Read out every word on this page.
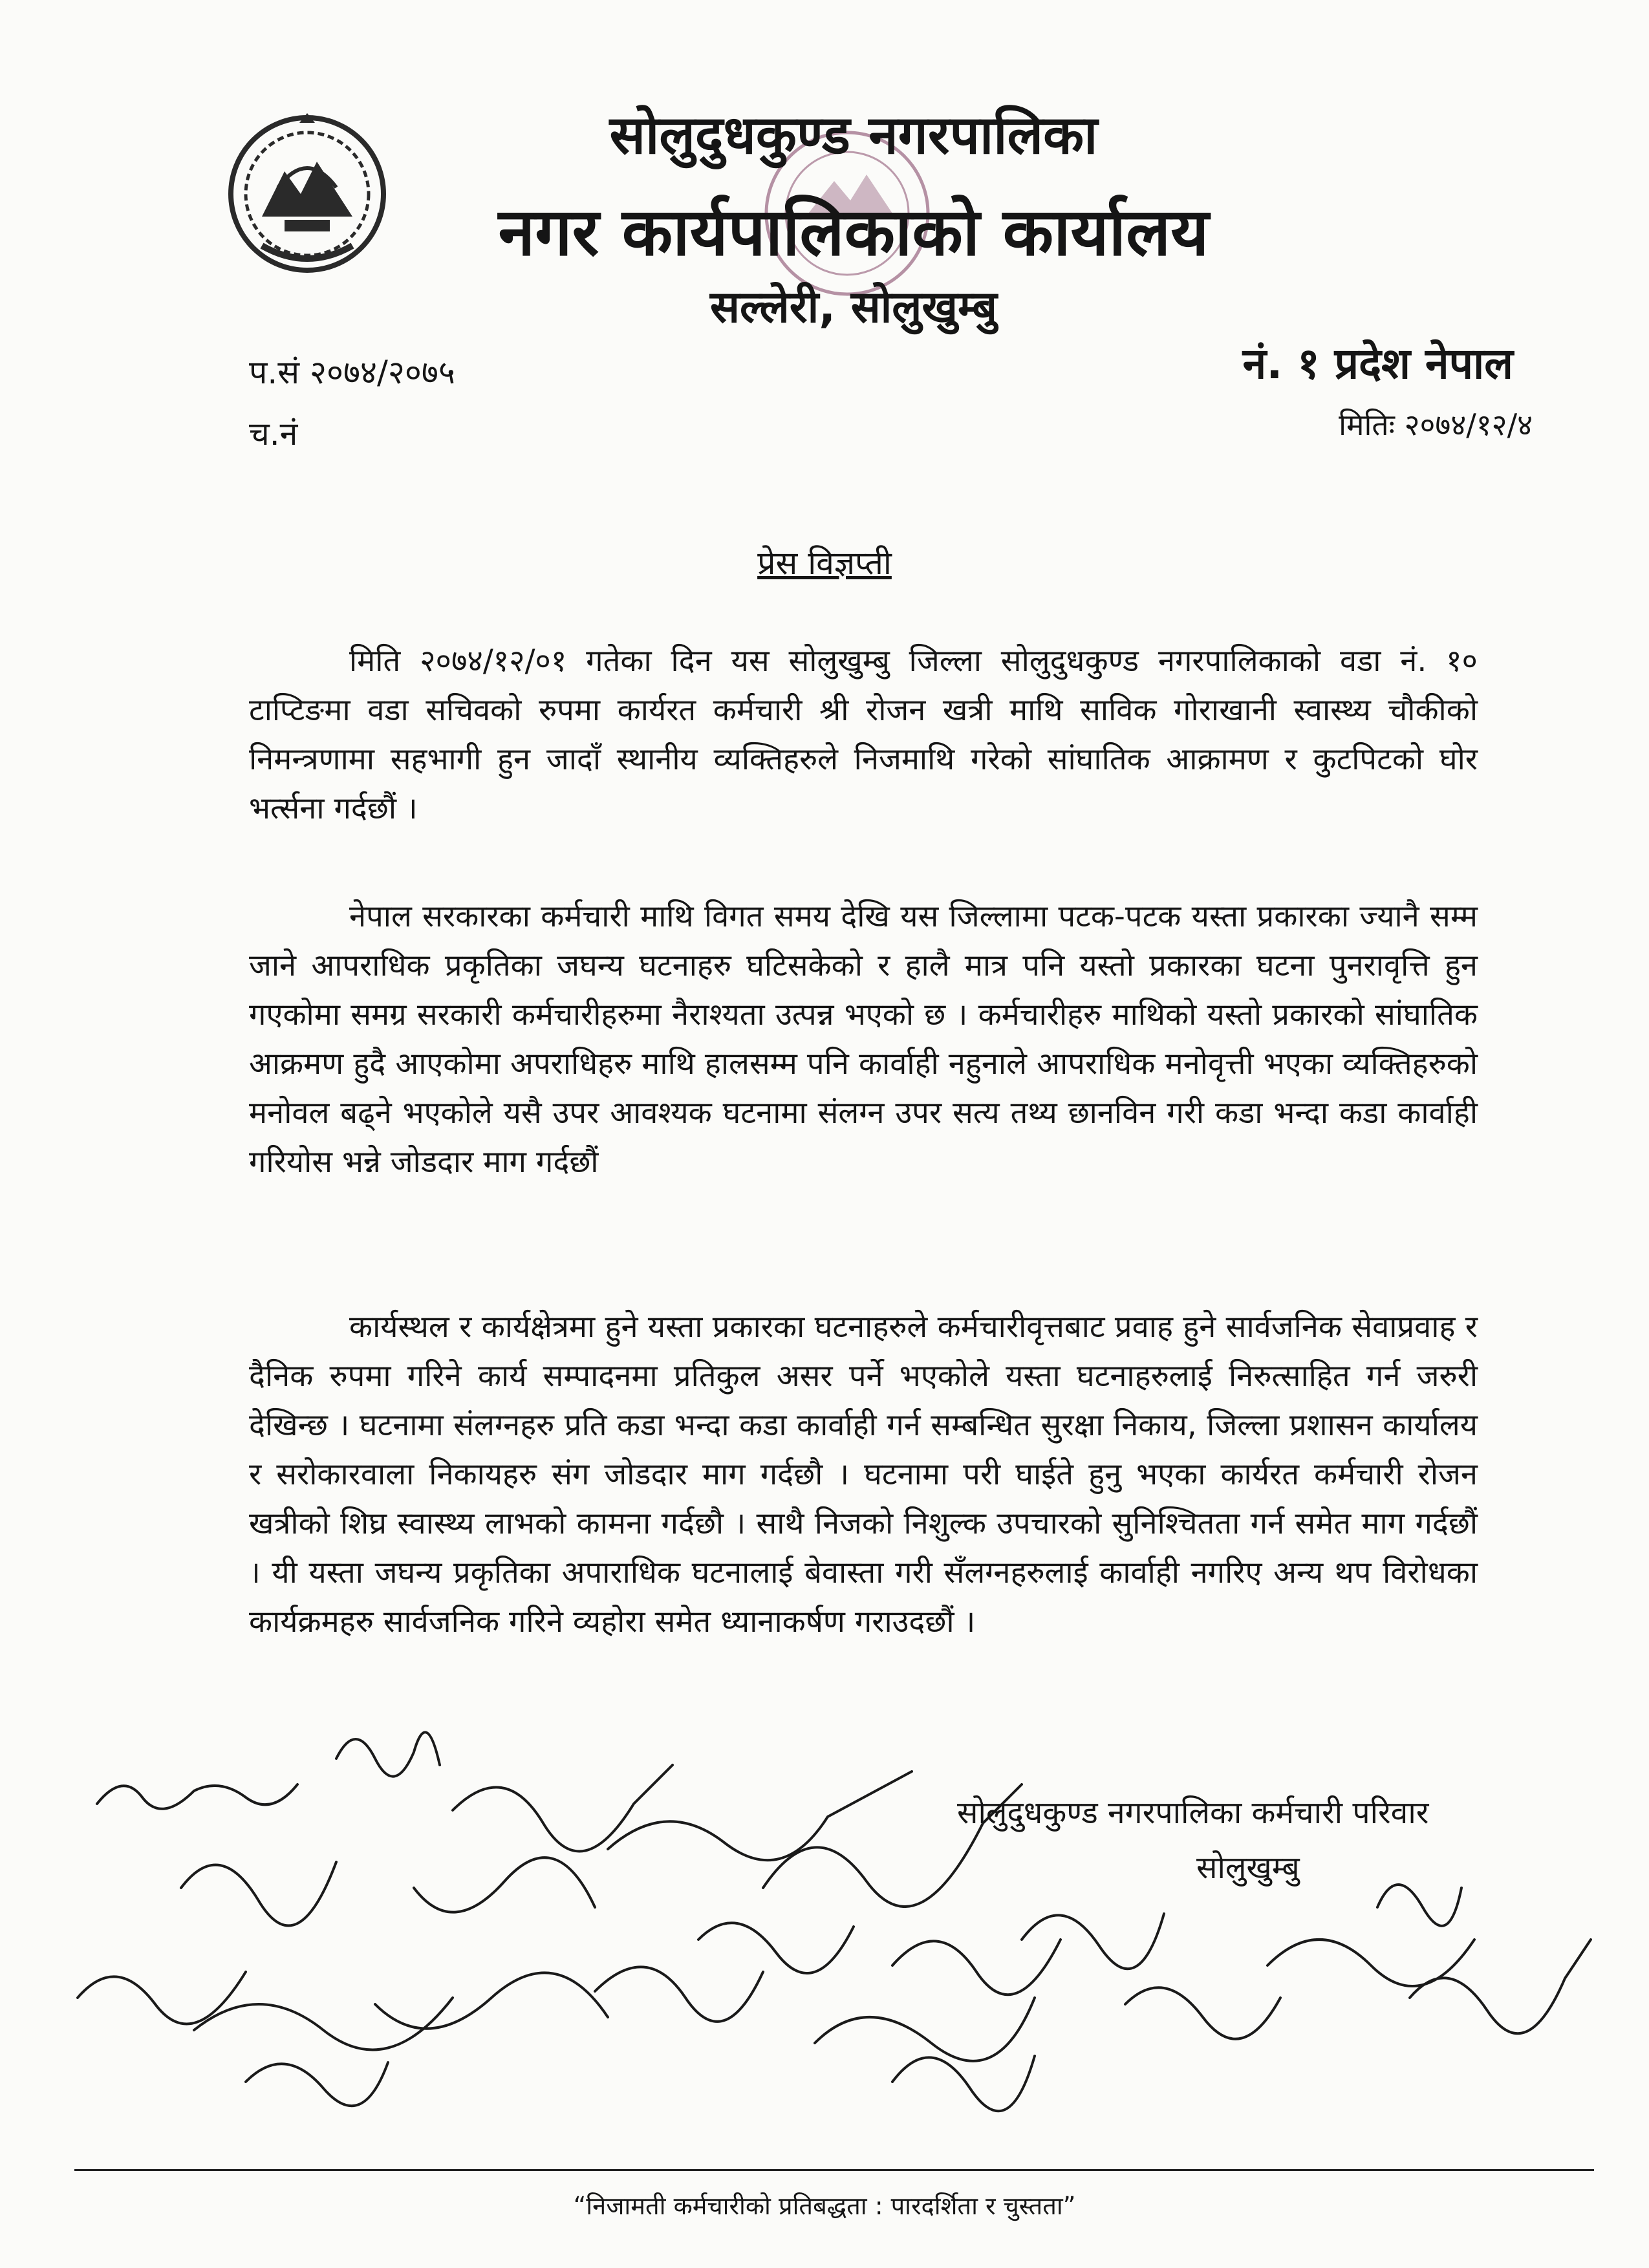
सोलुदुधकुण्ड नगरपालिका
नगर कार्यपालिकाको कार्यालय
सल्लेरी, सोलुखुम्बु
प.सं २०७४/२०७५
च.नं
नं. १ प्रदेश नेपाल
मितिः २०७४/१२/४
प्रेस विज्ञप्ती

मिति २०७४/१२/०१ गतेका दिन यस सोलुखुम्बु जिल्ला सोलुदुधकुण्ड नगरपालिकाको वडा नं. १० टाप्टिङमा वडा सचिवको रुपमा कार्यरत कर्मचारी श्री रोजन खत्री माथि साविक गोराखानी स्वास्थ्य चौकीको निमन्त्रणामा सहभागी हुन जादाँ स्थानीय व्यक्तिहरुले निजमाथि गरेको सांघातिक आक्रामण र कुटपिटको घोर भर्त्सना गर्दछौं ।

नेपाल सरकारका कर्मचारी माथि विगत समय देखि यस जिल्लामा पटक-पटक यस्ता प्रकारका ज्यानै सम्म जाने आपराधिक प्रकृतिका जघन्य घटनाहरु घटिसकेको र हालै मात्र पनि यस्तो प्रकारका घटना पुनरावृत्ति हुन गएकोमा समग्र सरकारी कर्मचारीहरुमा नैराश्यता उत्पन्न भएको छ । कर्मचारीहरु माथिको यस्तो प्रकारको सांघातिक आक्रमण हुदै आएकोमा अपराधिहरु माथि हालसम्म पनि कार्वाही नहुनाले आपराधिक मनोवृत्ती भएका व्यक्तिहरुको मनोवल बढ्ने भएकोले यसै उपर आवश्यक घटनामा संलग्न उपर सत्य तथ्य छानविन गरी कडा भन्दा कडा कार्वाही गरियोस भन्ने जोडदार माग गर्दछौं

कार्यस्थल र कार्यक्षेत्रमा हुने यस्ता प्रकारका घटनाहरुले कर्मचारीवृत्तबाट प्रवाह हुने सार्वजनिक सेवाप्रवाह र दैनिक रुपमा गरिने कार्य सम्पादनमा प्रतिकुल असर पर्ने भएकोले यस्ता घटनाहरुलाई निरुत्साहित गर्न जरुरी देखिन्छ । घटनामा संलग्नहरु प्रति कडा भन्दा कडा कार्वाही गर्न सम्बन्धित सुरक्षा निकाय, जिल्ला प्रशासन कार्यालय र सरोकारवाला निकायहरु संग जोडदार माग गर्दछौ । घटनामा परी घाईते हुनु भएका कार्यरत कर्मचारी रोजन खत्रीको शिघ्र स्वास्थ्य लाभको कामना गर्दछौ । साथै निजको निशुल्क उपचारको सुनिश्चितता गर्न समेत माग गर्दछौं । यी यस्ता जघन्य प्रकृतिका अपाराधिक घटनालाई बेवास्ता गरी सँलग्नहरुलाई कार्वाही नगरिए अन्य थप विरोधका कार्यक्रमहरु सार्वजनिक गरिने व्यहोरा समेत ध्यानाकर्षण गराउदछौं ।

सोलुदुधकुण्ड नगरपालिका कर्मचारी परिवार
सोलुखुम्बु
“निजामती कर्मचारीको प्रतिबद्धता : पारदर्शिता र चुस्तता”
